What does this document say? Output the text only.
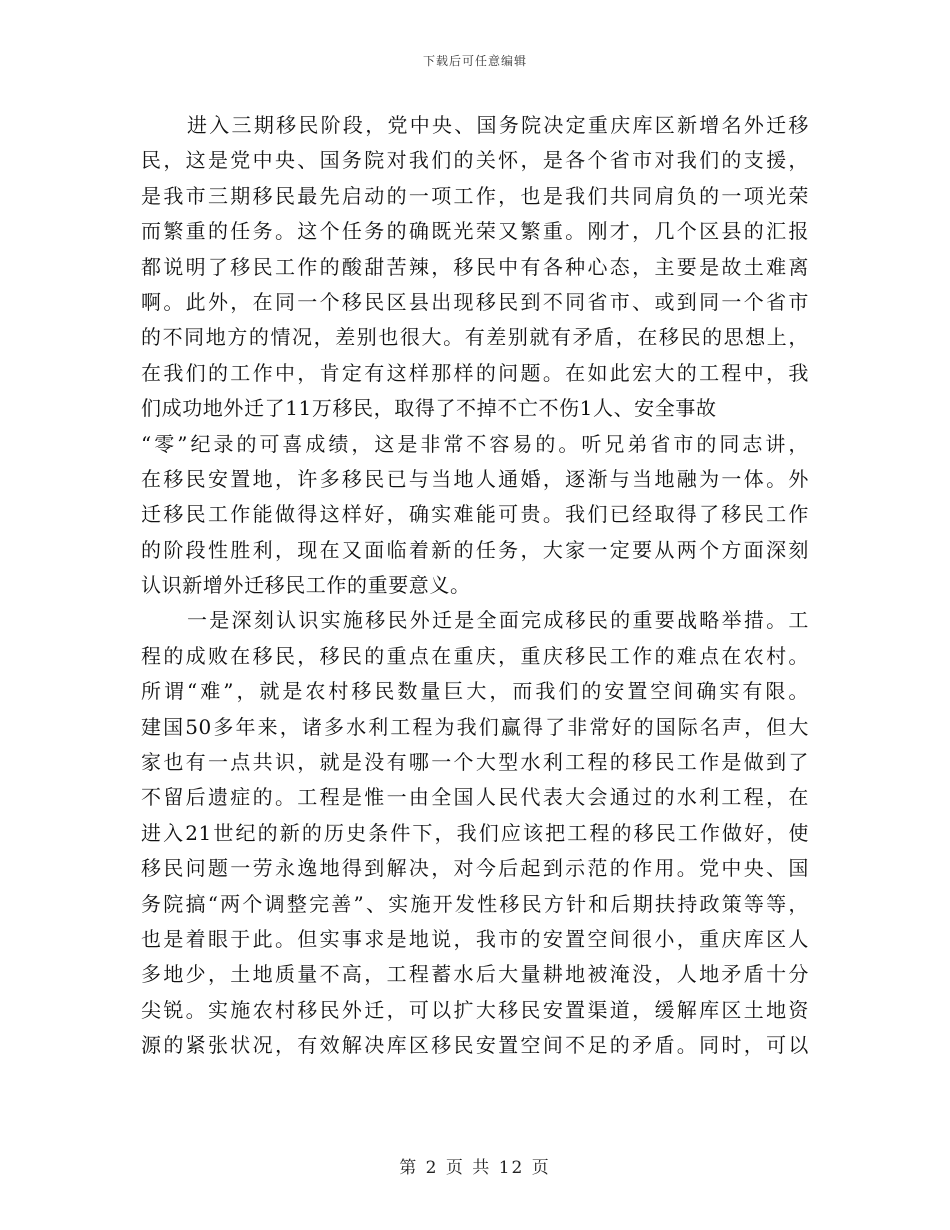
下载后可任意编辑
进入三期移民阶段，党中央、国务院决定重庆库区新增名外迁移
民，这是党中央、国务院对我们的关怀，是各个省市对我们的支援，
是我市三期移民最先启动的一项工作，也是我们共同肩负的一项光荣
而繁重的任务。这个任务的确既光荣又繁重。刚才，几个区县的汇报
都说明了移民工作的酸甜苦辣，移民中有各种心态，主要是故土难离
啊。此外，在同一个移民区县出现移民到不同省市、或到同一个省市
的不同地方的情况，差别也很大。有差别就有矛盾，在移民的思想上，
在我们的工作中，肯定有这样那样的问题。在如此宏大的工程中，我
们成功地外迁了11万移民，取得了不掉不亡不伤1人、安全事故
“零”纪录的可喜成绩，这是非常不容易的。听兄弟省市的同志讲，
在移民安置地，许多移民已与当地人通婚，逐渐与当地融为一体。外
迁移民工作能做得这样好，确实难能可贵。我们已经取得了移民工作
的阶段性胜利，现在又面临着新的任务，大家一定要从两个方面深刻
认识新增外迁移民工作的重要意义。
一是深刻认识实施移民外迁是全面完成移民的重要战略举措。工
程的成败在移民，移民的重点在重庆，重庆移民工作的难点在农村。
所谓“难”，就是农村移民数量巨大，而我们的安置空间确实有限。
建国50多年来，诸多水利工程为我们赢得了非常好的国际名声，但大
家也有一点共识，就是没有哪一个大型水利工程的移民工作是做到了
不留后遗症的。工程是惟一由全国人民代表大会通过的水利工程，在
进入21世纪的新的历史条件下，我们应该把工程的移民工作做好，使
移民问题一劳永逸地得到解决，对今后起到示范的作用。党中央、国
务院搞“两个调整完善”、实施开发性移民方针和后期扶持政策等等，
也是着眼于此。但实事求是地说，我市的安置空间很小，重庆库区人
多地少，土地质量不高，工程蓄水后大量耕地被淹没，人地矛盾十分
尖锐。实施农村移民外迁，可以扩大移民安置渠道，缓解库区土地资
源的紧张状况，有效解决库区移民安置空间不足的矛盾。同时，可以
第 2 页 共 12 页
